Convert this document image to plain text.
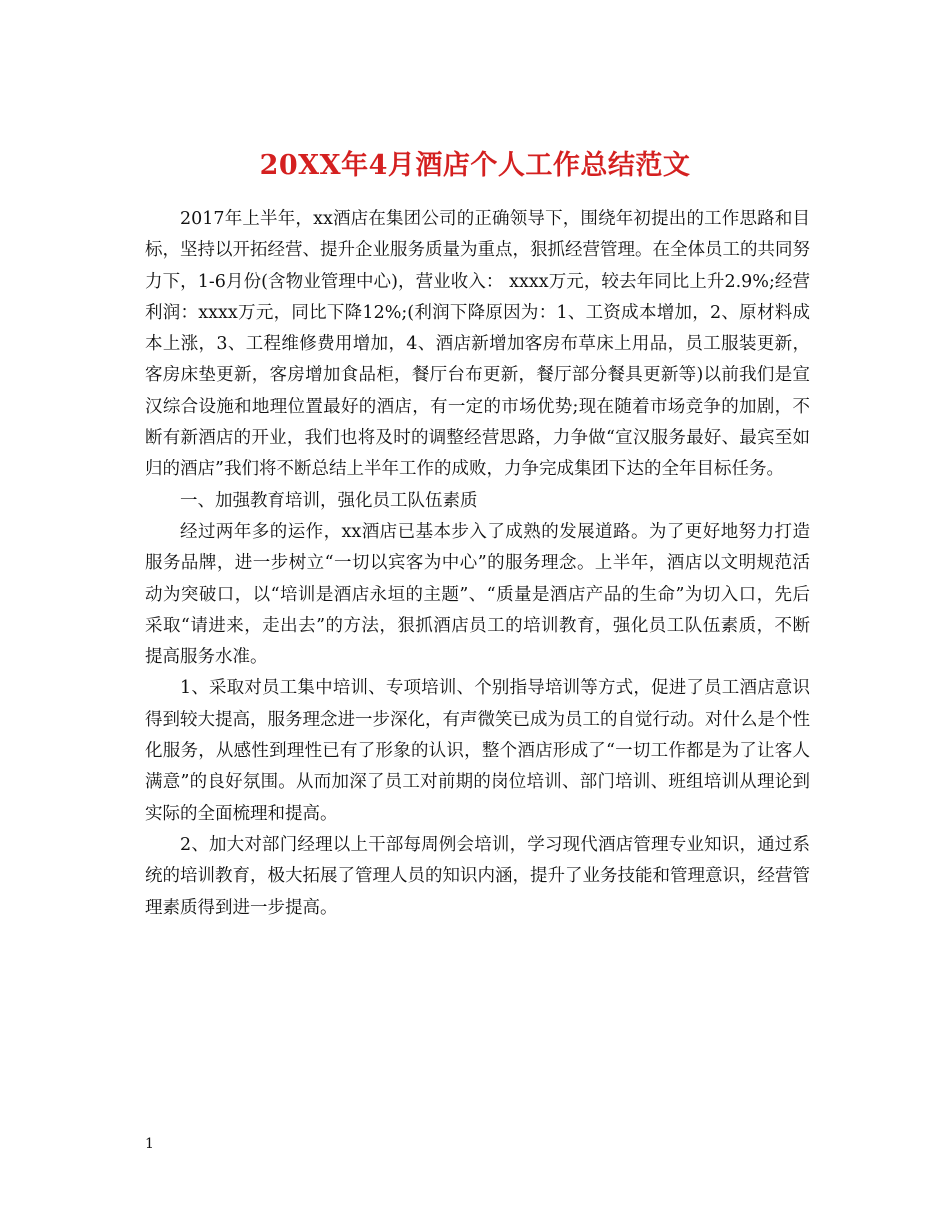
20XX年4月酒店个人工作总结范文

2017年上半年，xx酒店在集团公司的正确领导下，围绕年初提出的工作思路和目标，坚持以开拓经营、提升企业服务质量为重点，狠抓经营管理。在全体员工的共同努力下，1-6月份(含物业管理中心)，营业收入： xxxx万元，较去年同比上升2.9%;经营利润：xxxx万元，同比下降12%;(利润下降原因为：1、工资成本增加，2、原材料成本上涨，3、工程维修费用增加，4、酒店新增加客房布草床上用品，员工服装更新，客房床垫更新，客房增加食品柜，餐厅台布更新，餐厅部分餐具更新等)以前我们是宣汉综合设施和地理位置最好的酒店，有一定的市场优势;现在随着市场竞争的加剧，不断有新酒店的开业，我们也将及时的调整经营思路，力争做“宣汉服务最好、最宾至如归的酒店”我们将不断总结上半年工作的成败，力争完成集团下达的全年目标任务。

一、加强教育培训，强化员工队伍素质

经过两年多的运作，xx酒店已基本步入了成熟的发展道路。为了更好地努力打造服务品牌，进一步树立“一切以宾客为中心”的服务理念。上半年，酒店以文明规范活动为突破口，以“培训是酒店永垣的主题”、“质量是酒店产品的生命”为切入口，先后采取“请进来，走出去”的方法，狠抓酒店员工的培训教育，强化员工队伍素质，不断提高服务水准。

1、采取对员工集中培训、专项培训、个别指导培训等方式，促进了员工酒店意识得到较大提高，服务理念进一步深化，有声微笑已成为员工的自觉行动。对什么是个性化服务，从感性到理性已有了形象的认识，整个酒店形成了“一切工作都是为了让客人满意”的良好氛围。从而加深了员工对前期的岗位培训、部门培训、班组培训从理论到实际的全面梳理和提高。

2、加大对部门经理以上干部每周例会培训，学习现代酒店管理专业知识，通过系统的培训教育，极大拓展了管理人员的知识内涵，提升了业务技能和管理意识，经营管理素质得到进一步提高。

1
